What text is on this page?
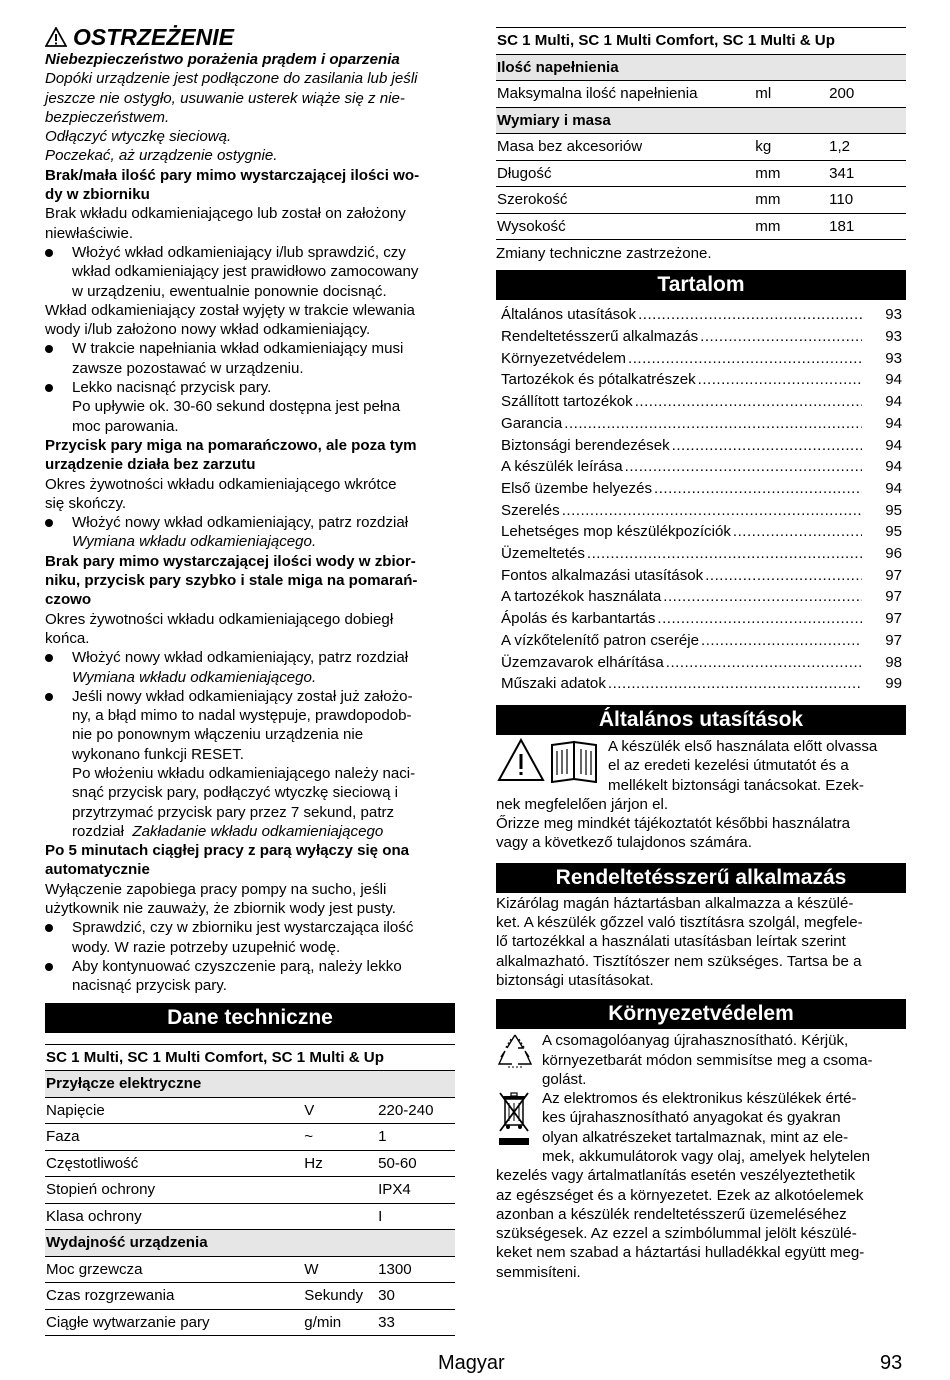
OSTRZEŻENIE

Niebezpieczeństwo porażenia prądem i oparzenia

Dopóki urządzenie jest podłączone do zasilania lub jeśli
jeszcze nie ostygło, usuwanie usterek wiąże się z nie-
bezpieczeństwem.
Odłączyć wtyczkę sieciową.
Poczekać, aż urządzenie ostygnie.
Brak/mała ilość pary mimo wystarczającej ilości wo-
dy w zbiorniku
Brak wkładu odkamieniającego lub został on założony
niewłaściwie.
Włożyć wkład odkamieniający i/lub sprawdzić, czy
wkład odkamieniający jest prawidłowo zamocowany
w urządzeniu, ewentualnie ponownie docisnąć.
Wkład odkamieniający został wyjęty w trakcie wlewania
wody i/lub założono nowy wkład odkamieniający.
W trakcie napełniania wkład odkamieniający musi
zawsze pozostawać w urządzeniu.
Lekko nacisnąć przycisk pary.
Po upływie ok. 30-60 sekund dostępna jest pełna
moc parowania.
Przycisk pary miga na pomarańczowo, ale poza tym
urządzenie działa bez zarzutu
Okres żywotności wkładu odkamieniającego wkrótce
się skończy.
Włożyć nowy wkład odkamieniający, patrz rozdział
Wymiana wkładu odkamieniającego.
Brak pary mimo wystarczającej ilości wody w zbior-
niku, przycisk pary szybko i stale miga na pomarań-
czowo
Okres żywotności wkładu odkamieniającego dobiegł
końca.
Włożyć nowy wkład odkamieniający, patrz rozdział
Wymiana wkładu odkamieniającego.
Jeśli nowy wkład odkamieniający został już założo-
ny, a błąd mimo to nadal występuje, prawdopodob-
nie po ponownym włączeniu urządzenia nie
wykonano funkcji RESET.
Po włożeniu wkładu odkamieniającego należy naci-
snąć przycisk pary, podłączyć wtyczkę sieciową i
przytrzymać przycisk pary przez 7 sekund, patrz
rozdział Zakładanie wkładu odkamieniającego
Po 5 minutach ciągłej pracy z parą wyłączy się ona
automatycznie
Wyłączenie zapobiega pracy pompy na sucho, jeśli
użytkownik nie zauważy, że zbiornik wody jest pusty.
Sprawdzić, czy w zbiorniku jest wystarczająca ilość
wody. W razie potrzeby uzupełnić wodę.
Aby kontynuować czyszczenie parą, należy lekko
nacisnąć przycisk pary.
Dane techniczne
SC 1 Multi, SC 1 Multi Comfort, SC 1 Multi & Up		
Przyłącze elektryczne		
Napięcie	V	220-240
Faza	~	1
Częstotliwość	Hz	50-60
Stopień ochrony		IPX4
Klasa ochrony		I
Wydajność urządzenia		
Moc grzewcza	W	1300
Czas rozgrzewania	Sekundy	30
Ciągłe wytwarzanie pary	g/min	33
SC 1 Multi, SC 1 Multi Comfort, SC 1 Multi & Up		
Ilość napełnienia		
Maksymalna ilość napełnienia	ml	200
Wymiary i masa		
Masa bez akcesoriów	kg	1,2
Długość	mm	341
Szerokość	mm	110
Wysokość	mm	181

Zmiany techniczne zastrzeżone.

Tartalom
Általános utasítások .....	93
Rendeltetésszerű alkalmazás .....	93
Környezetvédelem .....	93
Tartozékok és pótalkatrészek .....	94
Szállított tartozékok .....	94
Garancia .....	94
Biztonsági berendezések .....	94
A készülék leírása .....	94
Első üzembe helyezés .....	94
Szerelés .....	95
Lehetséges mop készülékpozíciók .....	95
Üzemeltetés .....	96
Fontos alkalmazási utasítások .....	97
A tartozékok használata .....	97
Ápolás és karbantartás .....	97
A vízkőtelenítő patron cseréje .....	97
Üzemzavarok elhárítása .....	98
Műszaki adatok .....	99
Általános utasítások
A készülék első használata előtt olvassa
el az eredeti kezelési útmutatót és a
mellékelt biztonsági tanácsokat. Ezek-
nek megfelelően járjon el.
Őrizze meg mindkét tájékoztatót későbbi használatra
vagy a következő tulajdonos számára.
Rendeltetésszerű alkalmazás
Kizárólag magán háztartásban alkalmazza a készülé-
ket. A készülék gőzzel való tisztításra szolgál, megfele-
lő tartozékkal a használati utasításban leírtak szerint
alkalmazható. Tisztítószer nem szükséges. Tartsa be a
biztonsági utasításokat.
Környezetvédelem
A csomagolóanyag újrahasznosítható. Kérjük,
környezetbarát módon semmisítse meg a csoma-
golást.
Az elektromos és elektronikus készülékek érté-
kes újrahasznosítható anyagokat és gyakran
olyan alkatrészeket tartalmaznak, mint az ele-
mek, akkumulátorok vagy olaj, amelyek helytelen
kezelés vagy ártalmatlanítás esetén veszélyeztethetik
az egészséget és a környezetet. Ezek az alkotóelemek
azonban a készülék rendeltetésszerű üzemeléséhez
szükségesek. Az ezzel a szimbólummal jelölt készülé-
keket nem szabad a háztartási hulladékkal együtt meg-
semmisíteni.
Magyar	93
